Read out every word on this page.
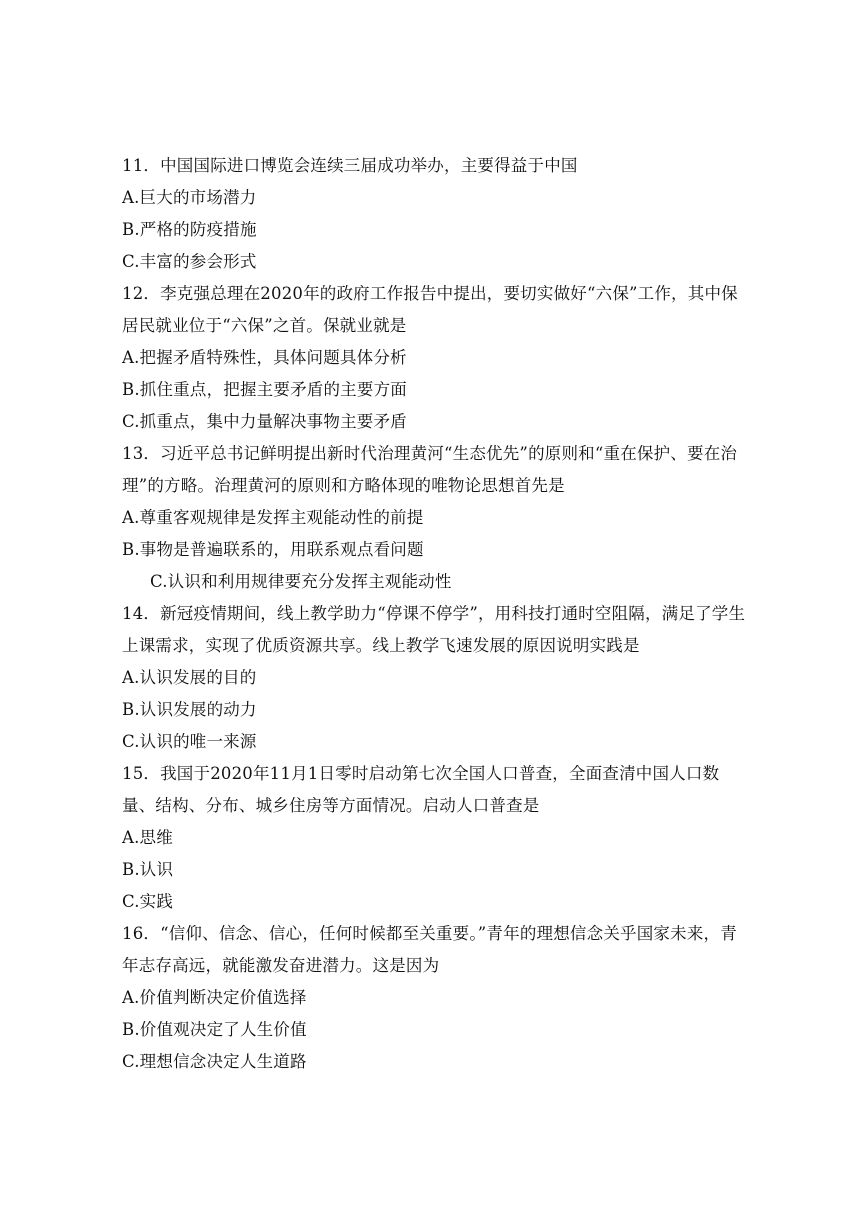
11．中国国际进口博览会连续三届成功举办，主要得益于中国

A.巨大的市场潜力

B.严格的防疫措施

C.丰富的参会形式

12．李克强总理在2020年的政府工作报告中提出，要切实做好“六保”工作，其中保居民就业位于“六保”之首。保就业就是

A.把握矛盾特殊性，具体问题具体分析

B.抓住重点，把握主要矛盾的主要方面

C.抓重点，集中力量解决事物主要矛盾

13．习近平总书记鲜明提出新时代治理黄河“生态优先”的原则和“重在保护、要在治理”的方略。治理黄河的原则和方略体现的唯物论思想首先是

A.尊重客观规律是发挥主观能动性的前提

B.事物是普遍联系的，用联系观点看问题

C.认识和利用规律要充分发挥主观能动性

14．新冠疫情期间，线上教学助力“停课不停学”，用科技打通时空阻隔，满足了学生上课需求，实现了优质资源共享。线上教学飞速发展的原因说明实践是

A.认识发展的目的

B.认识发展的动力

C.认识的唯一来源

15．我国于2020年11月1日零时启动第七次全国人口普查，全面查清中国人口数量、结构、分布、城乡住房等方面情况。启动人口普查是

A.思维

B.认识

C.实践

16．“信仰、信念、信心，任何时候都至关重要。”青年的理想信念关乎国家未来，青年志存高远，就能激发奋进潜力。这是因为

A.价值判断决定价值选择

B.价值观决定了人生价值

C.理想信念决定人生道路
